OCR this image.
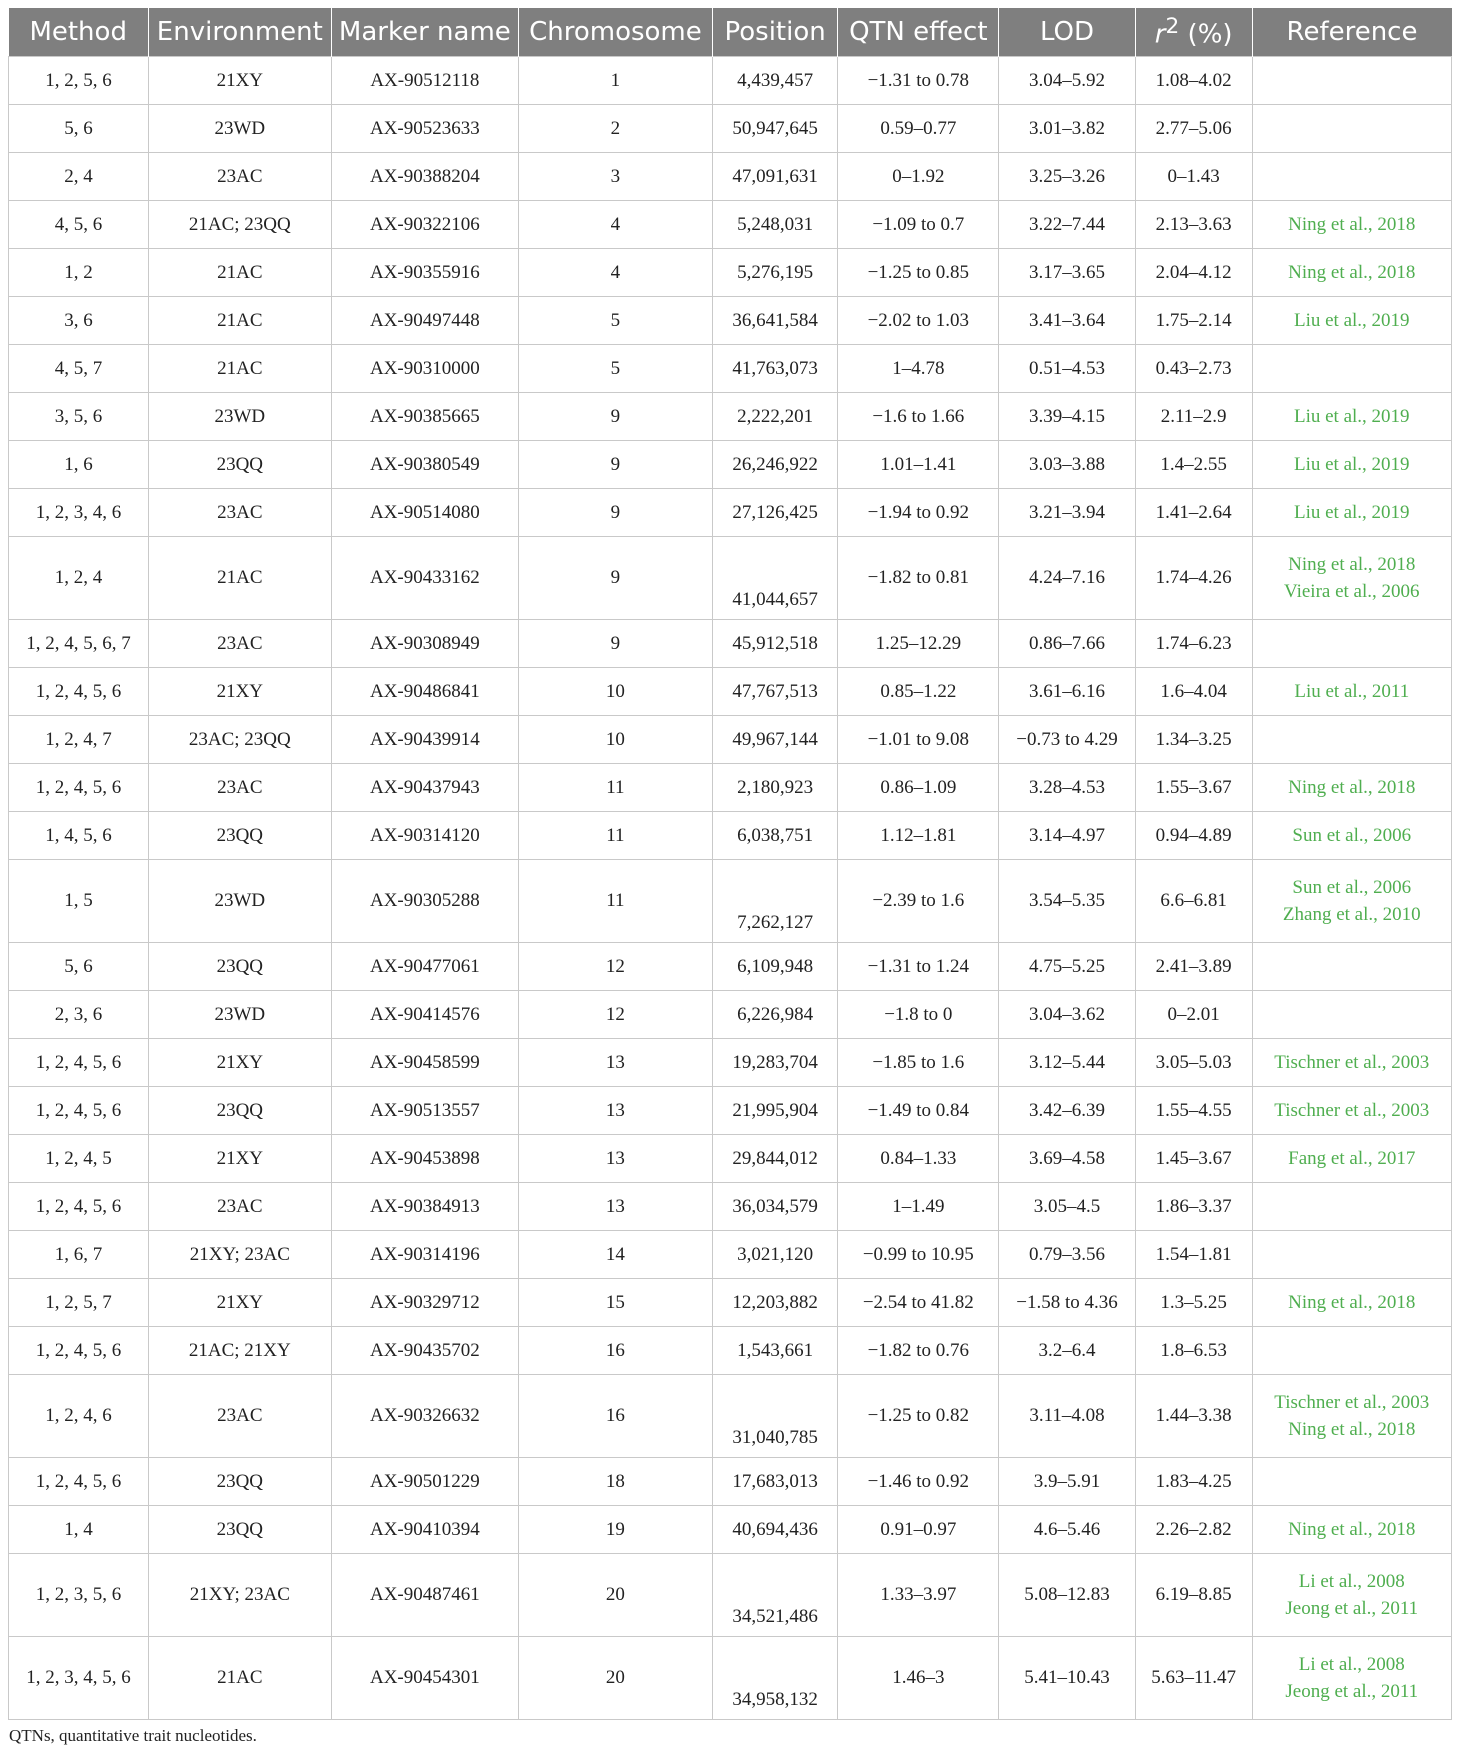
Method	Environment	Marker name	Chromosome	Position	QTN effect	LOD	$r^2$ (%)	Reference
1, 2, 5, 6	21XY	AX-90512118	1	4,439,457	−1.31 to 0.78	3.04–5.92	1.08–4.02	
5, 6	23WD	AX-90523633	2	50,947,645	0.59–0.77	3.01–3.82	2.77–5.06	
2, 4	23AC	AX-90388204	3	47,091,631	0–1.92	3.25–3.26	0–1.43	
4, 5, 6	21AC; 23QQ	AX-90322106	4	5,248,031	−1.09 to 0.7	3.22–7.44	2.13–3.63	Ning et al., 2018

1, 2	21AC	AX-90355916	4	5,276,195	−1.25 to 0.85	3.17–3.65	2.04–4.12	Ning et al., 2018

3, 6	21AC	AX-90497448	5	36,641,584	−2.02 to 1.03	3.41–3.64	1.75–2.14	Liu et al., 2019

4, 5, 7	21AC	AX-90310000	5	41,763,073	1–4.78	0.51–4.53	0.43–2.73	
3, 5, 6	23WD	AX-90385665	9	2,222,201	−1.6 to 1.66	3.39–4.15	2.11–2.9	Liu et al., 2019

1, 6	23QQ	AX-90380549	9	26,246,922	1.01–1.41	3.03–3.88	1.4–2.55	Liu et al., 2019

1, 2, 3, 4, 6	23AC	AX-90514080	9	27,126,425	−1.94 to 0.92	3.21–3.94	1.41–2.64	Liu et al., 2019

1, 2, 4	21AC	AX-90433162	9	41,044,657	−1.82 to 0.81	4.24–7.16	1.74–4.26	Ning et al., 2018
Vieira et al., 2006

1, 2, 4, 5, 6, 7	23AC	AX-90308949	9	45,912,518	1.25–12.29	0.86–7.66	1.74–6.23	
1, 2, 4, 5, 6	21XY	AX-90486841	10	47,767,513	0.85–1.22	3.61–6.16	1.6–4.04	Liu et al., 2011

1, 2, 4, 7	23AC; 23QQ	AX-90439914	10	49,967,144	−1.01 to 9.08	−0.73 to 4.29	1.34–3.25	
1, 2, 4, 5, 6	23AC	AX-90437943	11	2,180,923	0.86–1.09	3.28–4.53	1.55–3.67	Ning et al., 2018

1, 4, 5, 6	23QQ	AX-90314120	11	6,038,751	1.12–1.81	3.14–4.97	0.94–4.89	Sun et al., 2006

1, 5	23WD	AX-90305288	11	7,262,127	−2.39 to 1.6	3.54–5.35	6.6–6.81	Sun et al., 2006
Zhang et al., 2010

5, 6	23QQ	AX-90477061	12	6,109,948	−1.31 to 1.24	4.75–5.25	2.41–3.89	
2, 3, 6	23WD	AX-90414576	12	6,226,984	−1.8 to 0	3.04–3.62	0–2.01	
1, 2, 4, 5, 6	21XY	AX-90458599	13	19,283,704	−1.85 to 1.6	3.12–5.44	3.05–5.03	Tischner et al., 2003

1, 2, 4, 5, 6	23QQ	AX-90513557	13	21,995,904	−1.49 to 0.84	3.42–6.39	1.55–4.55	Tischner et al., 2003

1, 2, 4, 5	21XY	AX-90453898	13	29,844,012	0.84–1.33	3.69–4.58	1.45–3.67	Fang et al., 2017

1, 2, 4, 5, 6	23AC	AX-90384913	13	36,034,579	1–1.49	3.05–4.5	1.86–3.37	
1, 6, 7	21XY; 23AC	AX-90314196	14	3,021,120	−0.99 to 10.95	0.79–3.56	1.54–1.81	
1, 2, 5, 7	21XY	AX-90329712	15	12,203,882	−2.54 to 41.82	−1.58 to 4.36	1.3–5.25	Ning et al., 2018

1, 2, 4, 5, 6	21AC; 21XY	AX-90435702	16	1,543,661	−1.82 to 0.76	3.2–6.4	1.8–6.53	
1, 2, 4, 6	23AC	AX-90326632	16	31,040,785	−1.25 to 0.82	3.11–4.08	1.44–3.38	Tischner et al., 2003
Ning et al., 2018

1, 2, 4, 5, 6	23QQ	AX-90501229	18	17,683,013	−1.46 to 0.92	3.9–5.91	1.83–4.25	
1, 4	23QQ	AX-90410394	19	40,694,436	0.91–0.97	4.6–5.46	2.26–2.82	Ning et al., 2018

1, 2, 3, 5, 6	21XY; 23AC	AX-90487461	20	34,521,486	1.33–3.97	5.08–12.83	6.19–8.85	Li et al., 2008
Jeong et al., 2011

1, 2, 3, 4, 5, 6	21AC	AX-90454301	20	34,958,132	1.46–3	5.41–10.43	5.63–11.47	Li et al., 2008
Jeong et al., 2011
QTNs, quantitative trait nucleotides.
